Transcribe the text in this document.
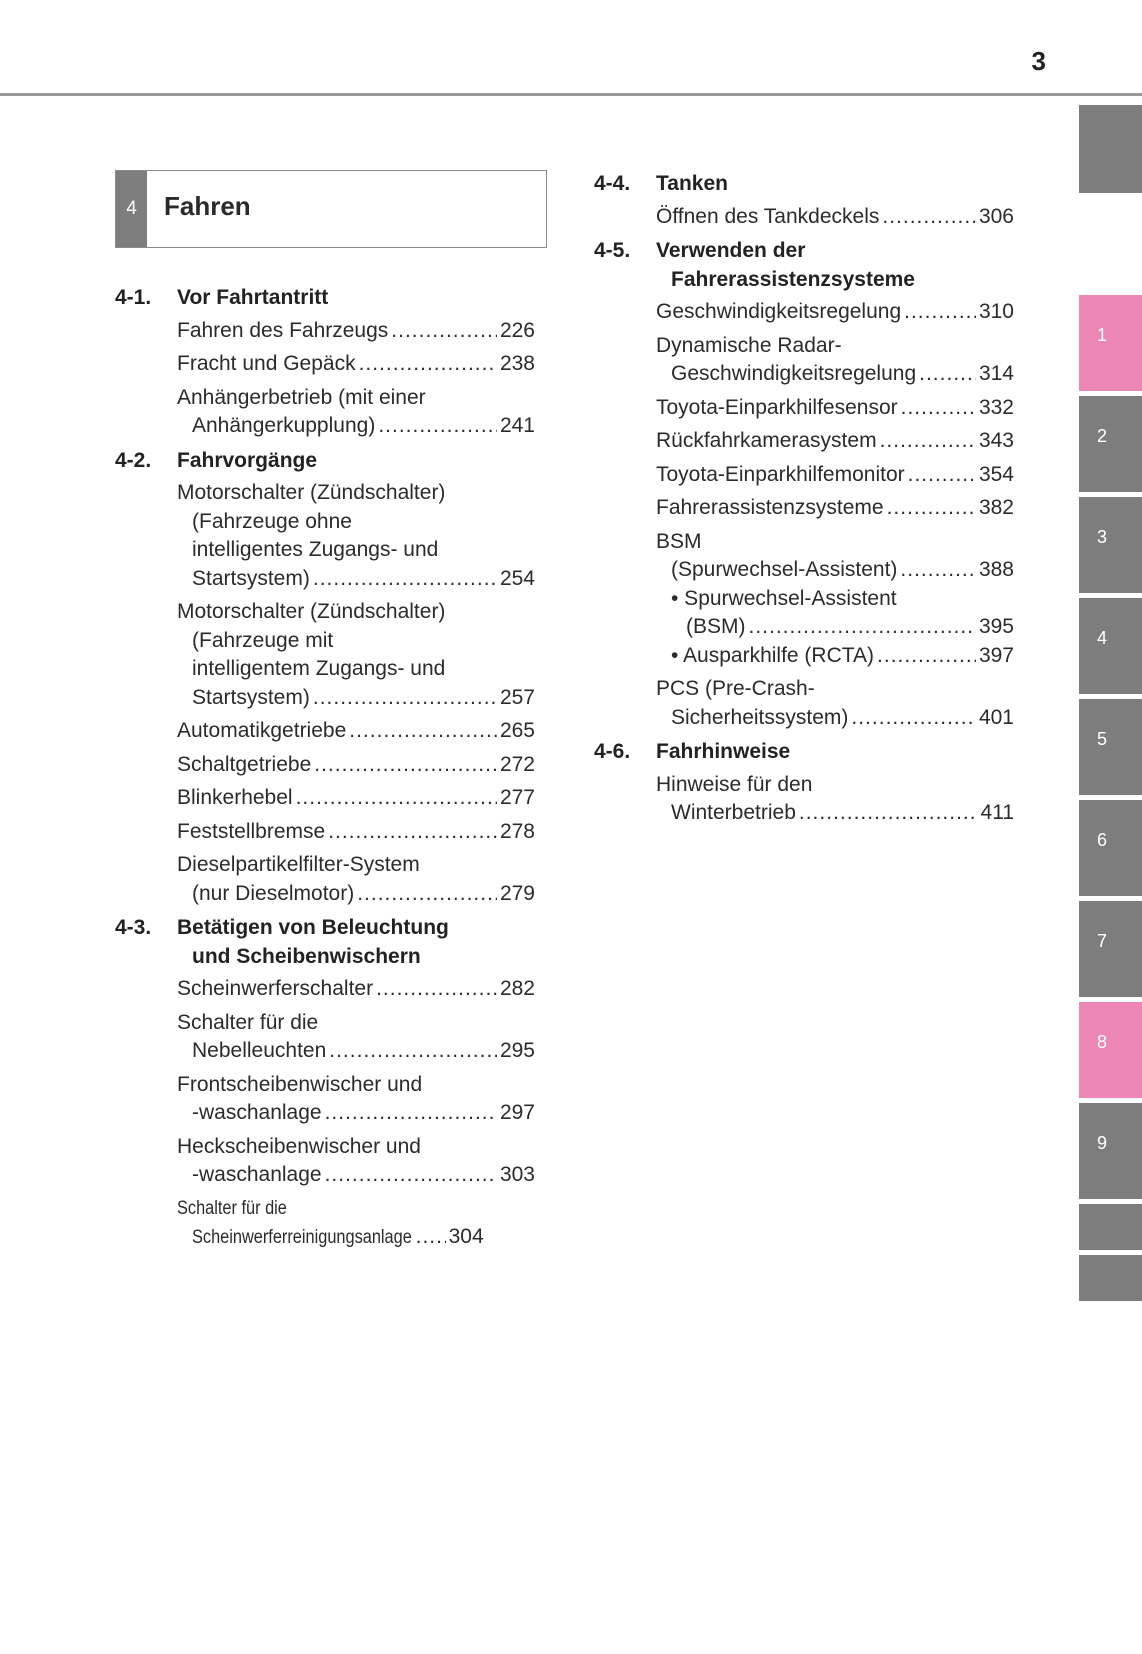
3
1
2
3
4
5
6
7
8
9
4	Fahren
4-1. Vor Fahrtantritt
Fahren des Fahrzeugs .....	226
Fracht und Gepäck .....	238
Anhängerbetrieb (mit einer
Anhängerkupplung) .....	241
4-2. Fahrvorgänge
Motorschalter (Zündschalter)
(Fahrzeuge ohne
intelligentes Zugangs- und
Startsystem) .....	254
Motorschalter (Zündschalter)
(Fahrzeuge mit
intelligentem Zugangs- und
Startsystem) .....	257
Automatikgetriebe .....	265
Schaltgetriebe .....	272
Blinkerhebel .....	277
Feststellbremse .....	278
Dieselpartikelfilter-System
(nur Dieselmotor) .....	279
4-3. Betätigen von Beleuchtung
und Scheibenwischern
Scheinwerferschalter .....	282
Schalter für die
Nebelleuchten .....	295
Frontscheibenwischer und
-waschanlage .....	297
Heckscheibenwischer und
-waschanlage .....	303
Schalter für die
Scheinwerferreinigungsanlage ..... 304
4-4. Tanken
Öffnen des Tankdeckels .....	306
4-5. Verwenden der
Fahrerassistenzsysteme
Geschwindigkeitsregelung .....	310
Dynamische Radar-
Geschwindigkeitsregelung .....	314
Toyota-Einparkhilfesensor .....	332
Rückfahrkamerasystem .....	343
Toyota-Einparkhilfemonitor .....	354
Fahrerassistenzsysteme .....	382
BSM
(Spurwechsel-Assistent) .....	388
• Spurwechsel-Assistent
(BSM) .....	395
• Ausparkhilfe (RCTA) .....	397
PCS (Pre-Crash-
Sicherheitssystem) .....	401
4-6. Fahrhinweise
Hinweise für den
Winterbetrieb .....	411
